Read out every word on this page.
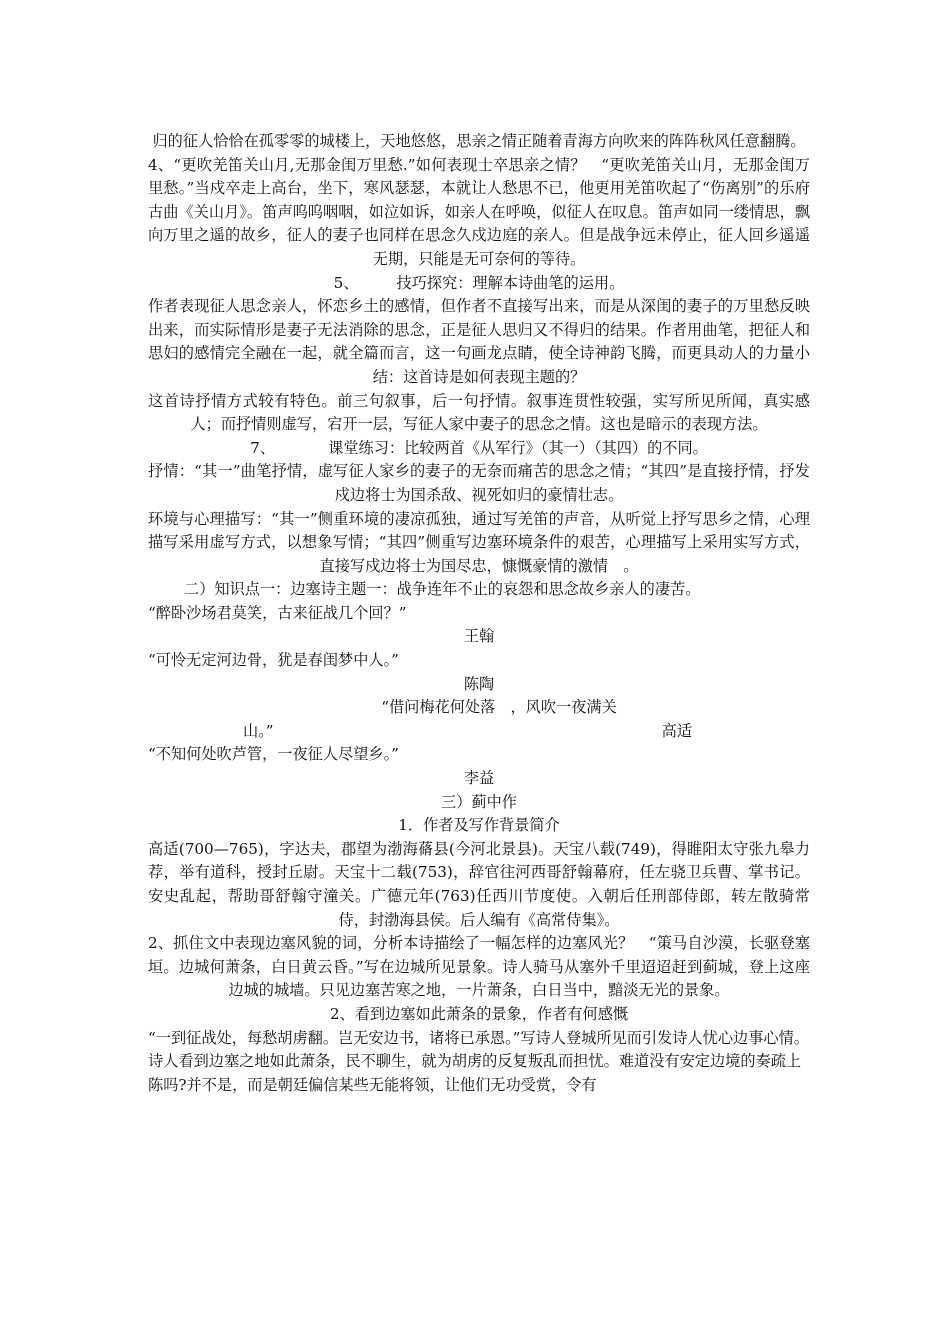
归的征人恰恰在孤零零的城楼上，天地悠悠，思亲之情正随着青海方向吹来的阵阵秋风任意翻腾。

4、“更吹羌笛关山月,无那金闺万里愁.”如何表现士卒思亲之情？　“更吹羌笛关山月，无那金闺万里愁。”当戍卒走上高台，坐下，寒风瑟瑟，本就让人愁思不已，他更用羌笛吹起了“伤离别”的乐府古曲《关山月》。笛声呜呜咽咽，如泣如诉，如亲人在呼唤，似征人在叹息。笛声如同一缕情思，飘向万里之遥的故乡，征人的妻子也同样在思念久戍边庭的亲人。但是战争远未停止，征人回乡遥遥无期，只能是无可奈何的等待。

5、　　　技巧探究：理解本诗曲笔的运用。

作者表现征人思念亲人，怀恋乡土的感情，但作者不直接写出来，而是从深闺的妻子的万里愁反映出来，而实际情形是妻子无法消除的思念，正是征人思归又不得归的结果。作者用曲笔，把征人和思妇的感情完全融在一起，就全篇而言，这一句画龙点睛，使全诗神韵飞腾，而更具动人的力量小结：这首诗是如何表现主题的？

这首诗抒情方式较有特色。前三句叙事，后一句抒情。叙事连贯性较强，实写所见所闻，真实感人；而抒情则虚写，宕开一层，写征人家中妻子的思念之情。这也是暗示的表现方法。

7、　　　　课堂练习：比较两首《从军行》（其一）（其四）的不同。

抒情：“其一”曲笔抒情，虚写征人家乡的妻子的无奈而痛苦的思念之情；“其四”是直接抒情，抒发戍边将士为国杀敌、视死如归的豪情壮志。

环境与心理描写：“其一”侧重环境的凄凉孤独，通过写羌笛的声音，从听觉上抒写思乡之情，心理描写采用虚写方式，以想象写情；“其四”侧重写边塞环境条件的艰苦，心理描写上采用实写方式，直接写戍边将士为国尽忠，慷慨豪情的激情　。

二）知识点一：边塞诗主题一：战争连年不止的哀怨和思念故乡亲人的凄苦。

“醉卧沙场君莫笑，古来征战几个回？”

王翰

“可怜无定河边骨，犹是春闺梦中人。”

陈陶

“借问梅花何处落　，风吹一夜满关

山。”	高适

“不知何处吹芦管，一夜征人尽望乡。”

李益

三）蓟中作

1．作者及写作背景简介

高适(700—765)，字达夫，郡望为渤海蓨县(今河北景县)。天宝八载(749)，得睢阳太守张九皋力荐，举有道科，授封丘尉。天宝十二载(753)，辞官往河西哥舒翰幕府，任左骁卫兵曹、掌书记。安史乱起，帮助哥舒翰守潼关。广德元年(763)任西川节度使。入朝后任刑部侍郎，转左散骑常侍，封渤海县侯。后人编有《高常侍集》。

2、抓住文中表现边塞风貌的词，分析本诗描绘了一幅怎样的边塞风光？　“策马自沙漠，长驱登塞垣。边城何萧条，白日黄云昏。”写在边城所见景象。诗人骑马从塞外千里迢迢赶到蓟城，登上这座边城的城墙。只见边塞苦寒之地，一片萧条，白日当中，黯淡无光的景象。

2、看到边塞如此萧条的景象，作者有何感慨

“一到征战处，每愁胡虏翻。岂无安边书，诸将已承恩。”写诗人登城所见而引发诗人忧心边事心情。诗人看到边塞之地如此萧条，民不聊生，就为胡虏的反复叛乱而担忧。难道没有安定边境的奏疏上陈吗?并不是，而是朝廷偏信某些无能将领，让他们无功受赏，令有
